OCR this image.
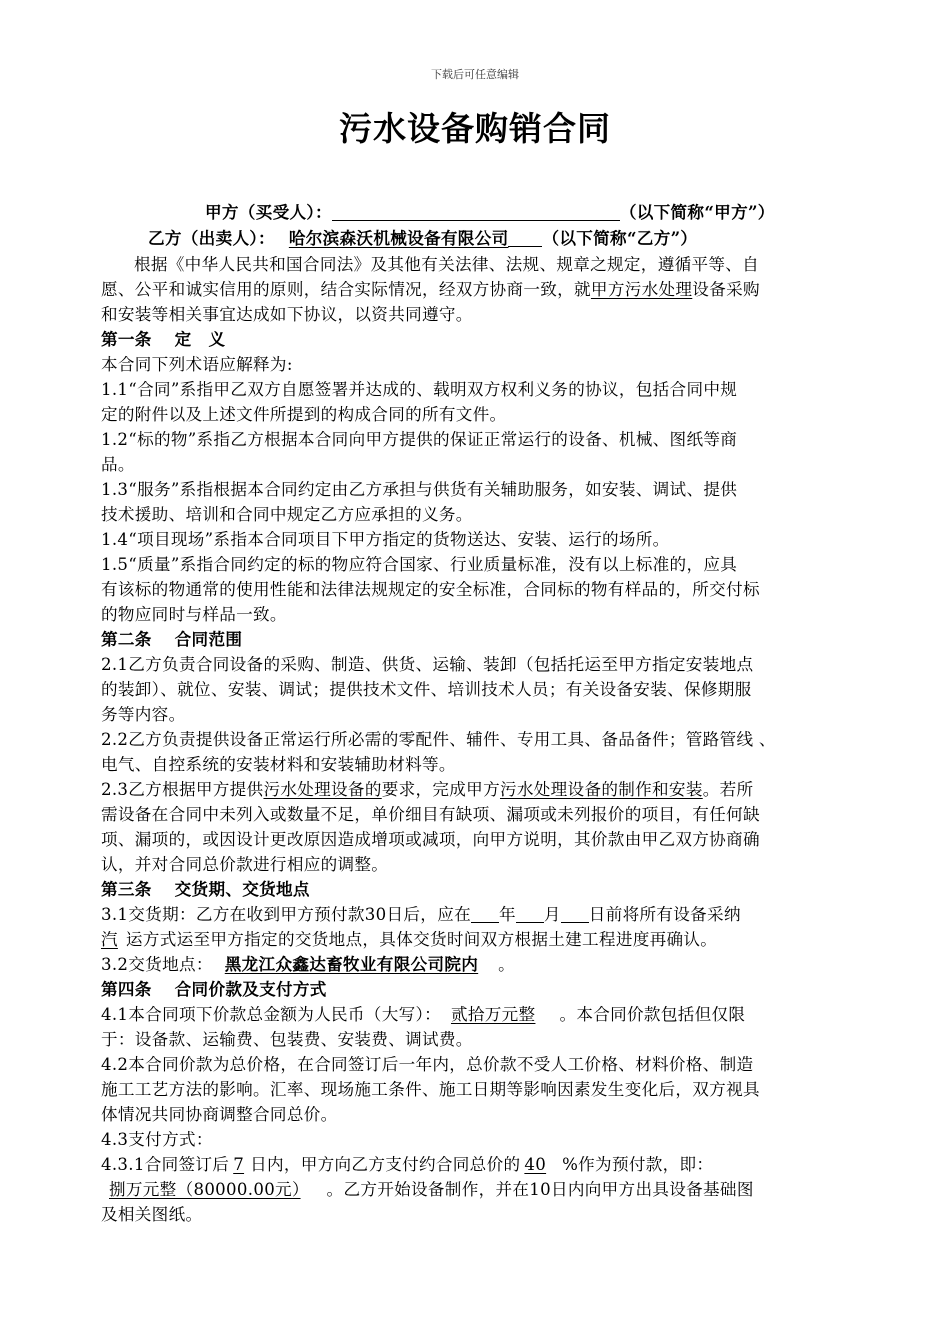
下载后可任意编辑
污水设备购销合同
甲方（买受人）：	（以下简称“甲方”）
乙方（出卖人）： 哈尔滨森沃机械设备有限公司 （以下简称“乙方”）
根据《中华人民共和国合同法》及其他有关法律、法规、规章之规定，遵循平等、自
愿、公平和诚实信用的原则，结合实际情况，经双方协商一致，就甲方污水处理设备采购
和安装等相关事宜达成如下协议，以资共同遵守。
第一条　 定　义
本合同下列术语应解释为:
1.1“合同”系指甲乙双方自愿签署并达成的、载明双方权利义务的协议，包括合同中规
定的附件以及上述文件所提到的构成合同的所有文件。
1.2“标的物”系指乙方根据本合同向甲方提供的保证正常运行的设备、机械、图纸等商
品。
1.3“服务”系指根据本合同约定由乙方承担与供货有关辅助服务，如安装、调试、提供
技术援助、培训和合同中规定乙方应承担的义务。
1.4“项目现场”系指本合同项目下甲方指定的货物送达、安装、运行的场所。
1.5“质量”系指合同约定的标的物应符合国家、行业质量标准，没有以上标准的，应具
有该标的物通常的使用性能和法律法规规定的安全标准，合同标的物有样品的，所交付标
的物应同时与样品一致。
第二条　 合同范围
2.1乙方负责合同设备的采购、制造、供货、运输、装卸（包括托运至甲方指定安装地点
的装卸）、就位、安装、调试；提供技术文件、培训技术人员；有关设备安装、保修期服
务等内容。
2.2乙方负责提供设备正常运行所必需的零配件、辅件、专用工具、备品备件；管路管线 、
电气、自控系统的安装材料和安装辅助材料等。
2.3乙方根据甲方提供污水处理设备的要求，完成甲方污水处理设备的制作和安装。若所
需设备在合同中未列入或数量不足，单价细目有缺项、漏项或未列报价的项目，有任何缺
项、漏项的，或因设计更改原因造成增项或减项，向甲方说明，其价款由甲乙双方协商确
认，并对合同总价款进行相应的调整。
第三条　 交货期、交货地点
3.1交货期：乙方在收到甲方预付款30日后，应在 年 月 日前将所有设备采纳
汽 运方式运至甲方指定的交货地点，具体交货时间双方根据土建工程进度再确认。
3.2交货地点： 黑龙江众鑫达畜牧业有限公司院内 。
第四条　 合同价款及支付方式
4.1本合同项下价款总金额为人民币（大写）： 贰拾万元整 。本合同价款包括但仅限
于：设备款、运输费、包装费、安装费、调试费。
4.2本合同价款为总价格，在合同签订后一年内，总价款不受人工价格、材料价格、制造
施工工艺方法的影响。汇率、现场施工条件、施工日期等影响因素发生变化后，双方视具
体情况共同协商调整合同总价。
4.3支付方式：
4.3.1合同签订后 7 日内，甲方向乙方支付约合同总价的 40 %作为预付款，即：
捌万元整（80000.00元） 。乙方开始设备制作，并在10日内向甲方出具设备基础图
及相关图纸。
